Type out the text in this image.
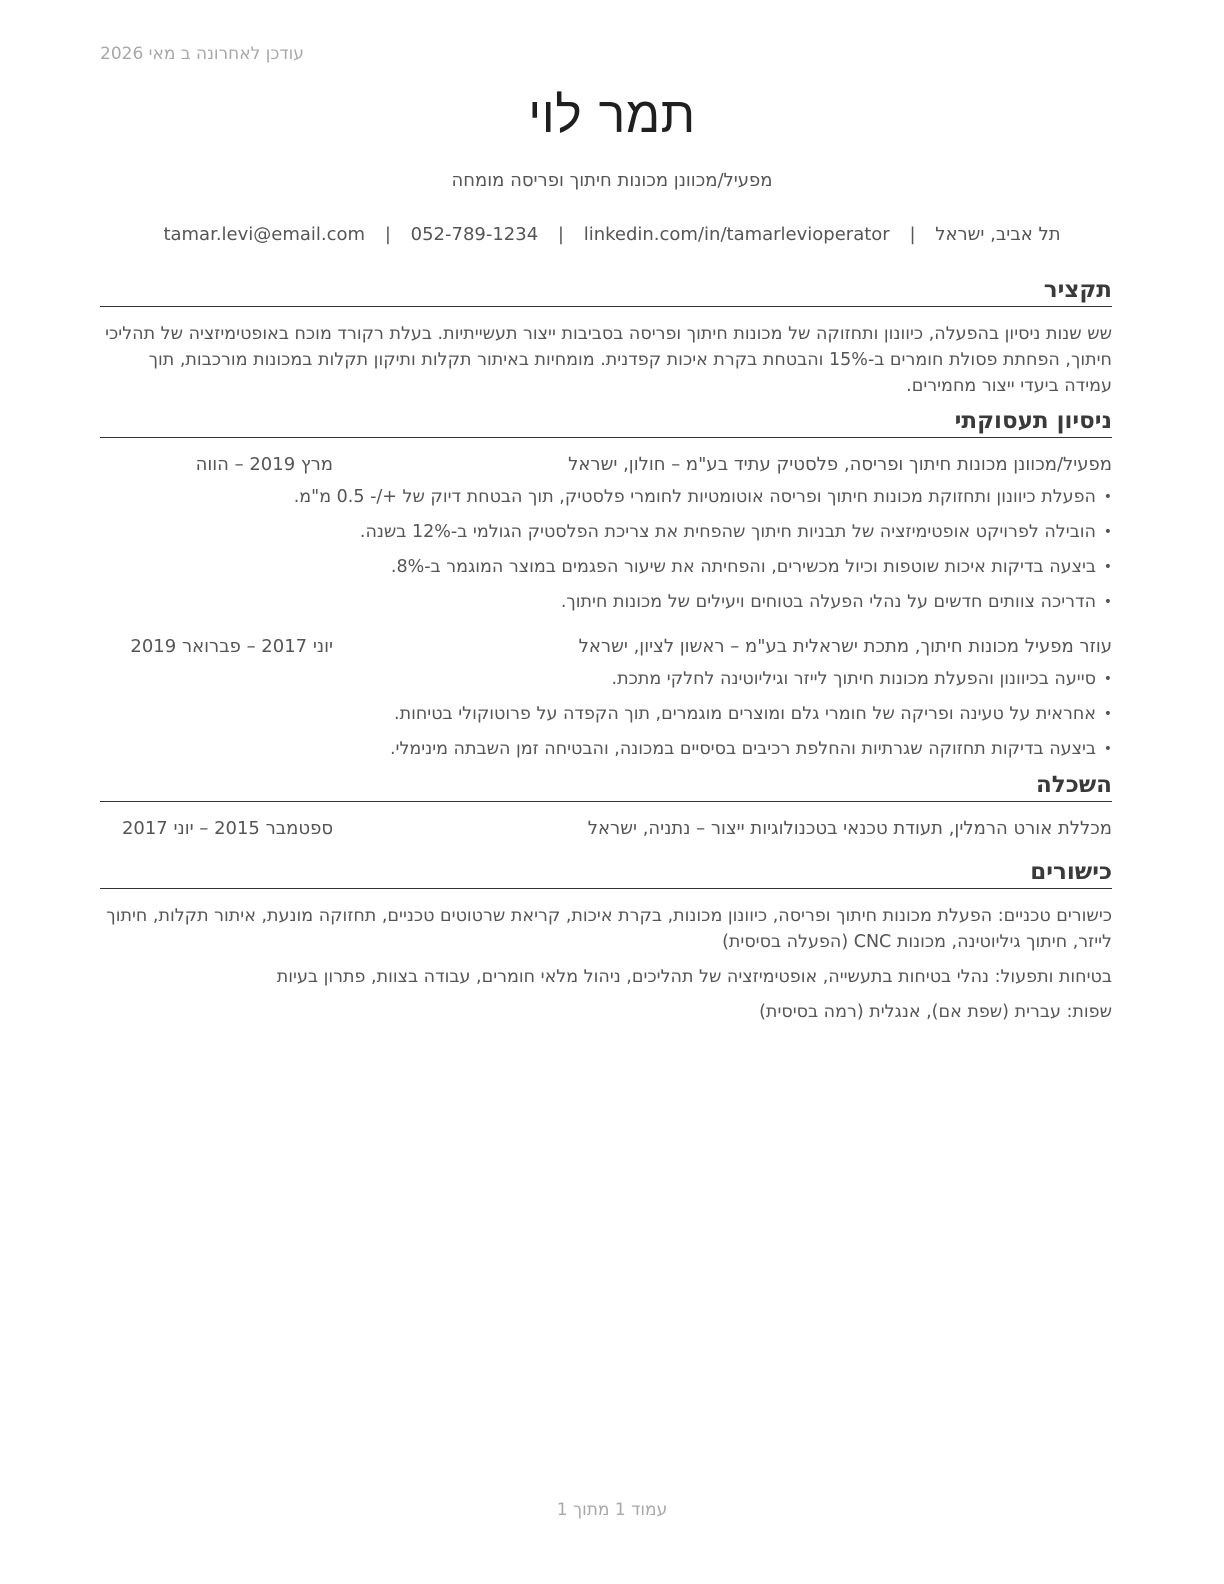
עודכן לאחרונה ב מאי 2026
תמר לוי
מפעיל/מכוונן מכונות חיתוך ופריסה מומחה
תל אביב, ישראל | tamar.levi@email.com | 052-789-1234 | linkedin.com/in/tamarlevioperator
תקציר

שש שנות ניסיון בהפעלה, כיוונון ותחזוקה של מכונות חיתוך ופריסה בסביבות ייצור תעשייתיות. בעלת רקורד מוכח באופטימיזציה של תהליכי חיתוך, הפחתת פסולת חומרים ב-15% והבטחת בקרת איכות קפדנית. מומחיות באיתור תקלות ותיקון תקלות במכונות מורכבות, תוך עמידה ביעדי ייצור מחמירים.

ניסיון תעסוקתי
מפעיל/מכוונן מכונות חיתוך ופריסה, פלסטיק עתיד בע"מ – חולון, ישראל
מרץ 2019 – הווה
• הפעלת כיוונון ותחזוקת מכונות חיתוך ופריסה אוטומטיות לחומרי פלסטיק, תוך הבטחת דיוק של +/- 0.5 מ"מ.
• הובילה לפרויקט אופטימיזציה של תבניות חיתוך שהפחית את צריכת הפלסטיק הגולמי ב-12% בשנה.
• ביצעה בדיקות איכות שוטפות וכיול מכשירים, והפחיתה את שיעור הפגמים במוצר המוגמר ב-8%.
• הדריכה צוותים חדשים על נהלי הפעלה בטוחים ויעילים של מכונות חיתוך.
עוזר מפעיל מכונות חיתוך, מתכת ישראלית בע"מ – ראשון לציון, ישראל
יוני 2017 – פברואר 2019
• סייעה בכיוונון והפעלת מכונות חיתוך לייזר וגיליוטינה לחלקי מתכת.
• אחראית על טעינה ופריקה של חומרי גלם ומוצרים מוגמרים, תוך הקפדה על פרוטוקולי בטיחות.
• ביצעה בדיקות תחזוקה שגרתיות והחלפת רכיבים בסיסיים במכונה, והבטיחה זמן השבתה מינימלי.
השכלה
מכללת אורט הרמלין, תעודת טכנאי בטכנולוגיות ייצור – נתניה, ישראל
ספטמבר 2015 – יוני 2017
כישורים

כישורים טכניים: הפעלת מכונות חיתוך ופריסה, כיוונון מכונות, בקרת איכות, קריאת שרטוטים טכניים, תחזוקה מונעת, איתור תקלות, חיתוך לייזר, חיתוך גיליוטינה, מכונות CNC (הפעלה בסיסית)

בטיחות ותפעול: נהלי בטיחות בתעשייה, אופטימיזציה של תהליכים, ניהול מלאי חומרים, עבודה בצוות, פתרון בעיות

שפות: עברית (שפת אם), אנגלית (רמה בסיסית)

עמוד 1 מתוך 1
